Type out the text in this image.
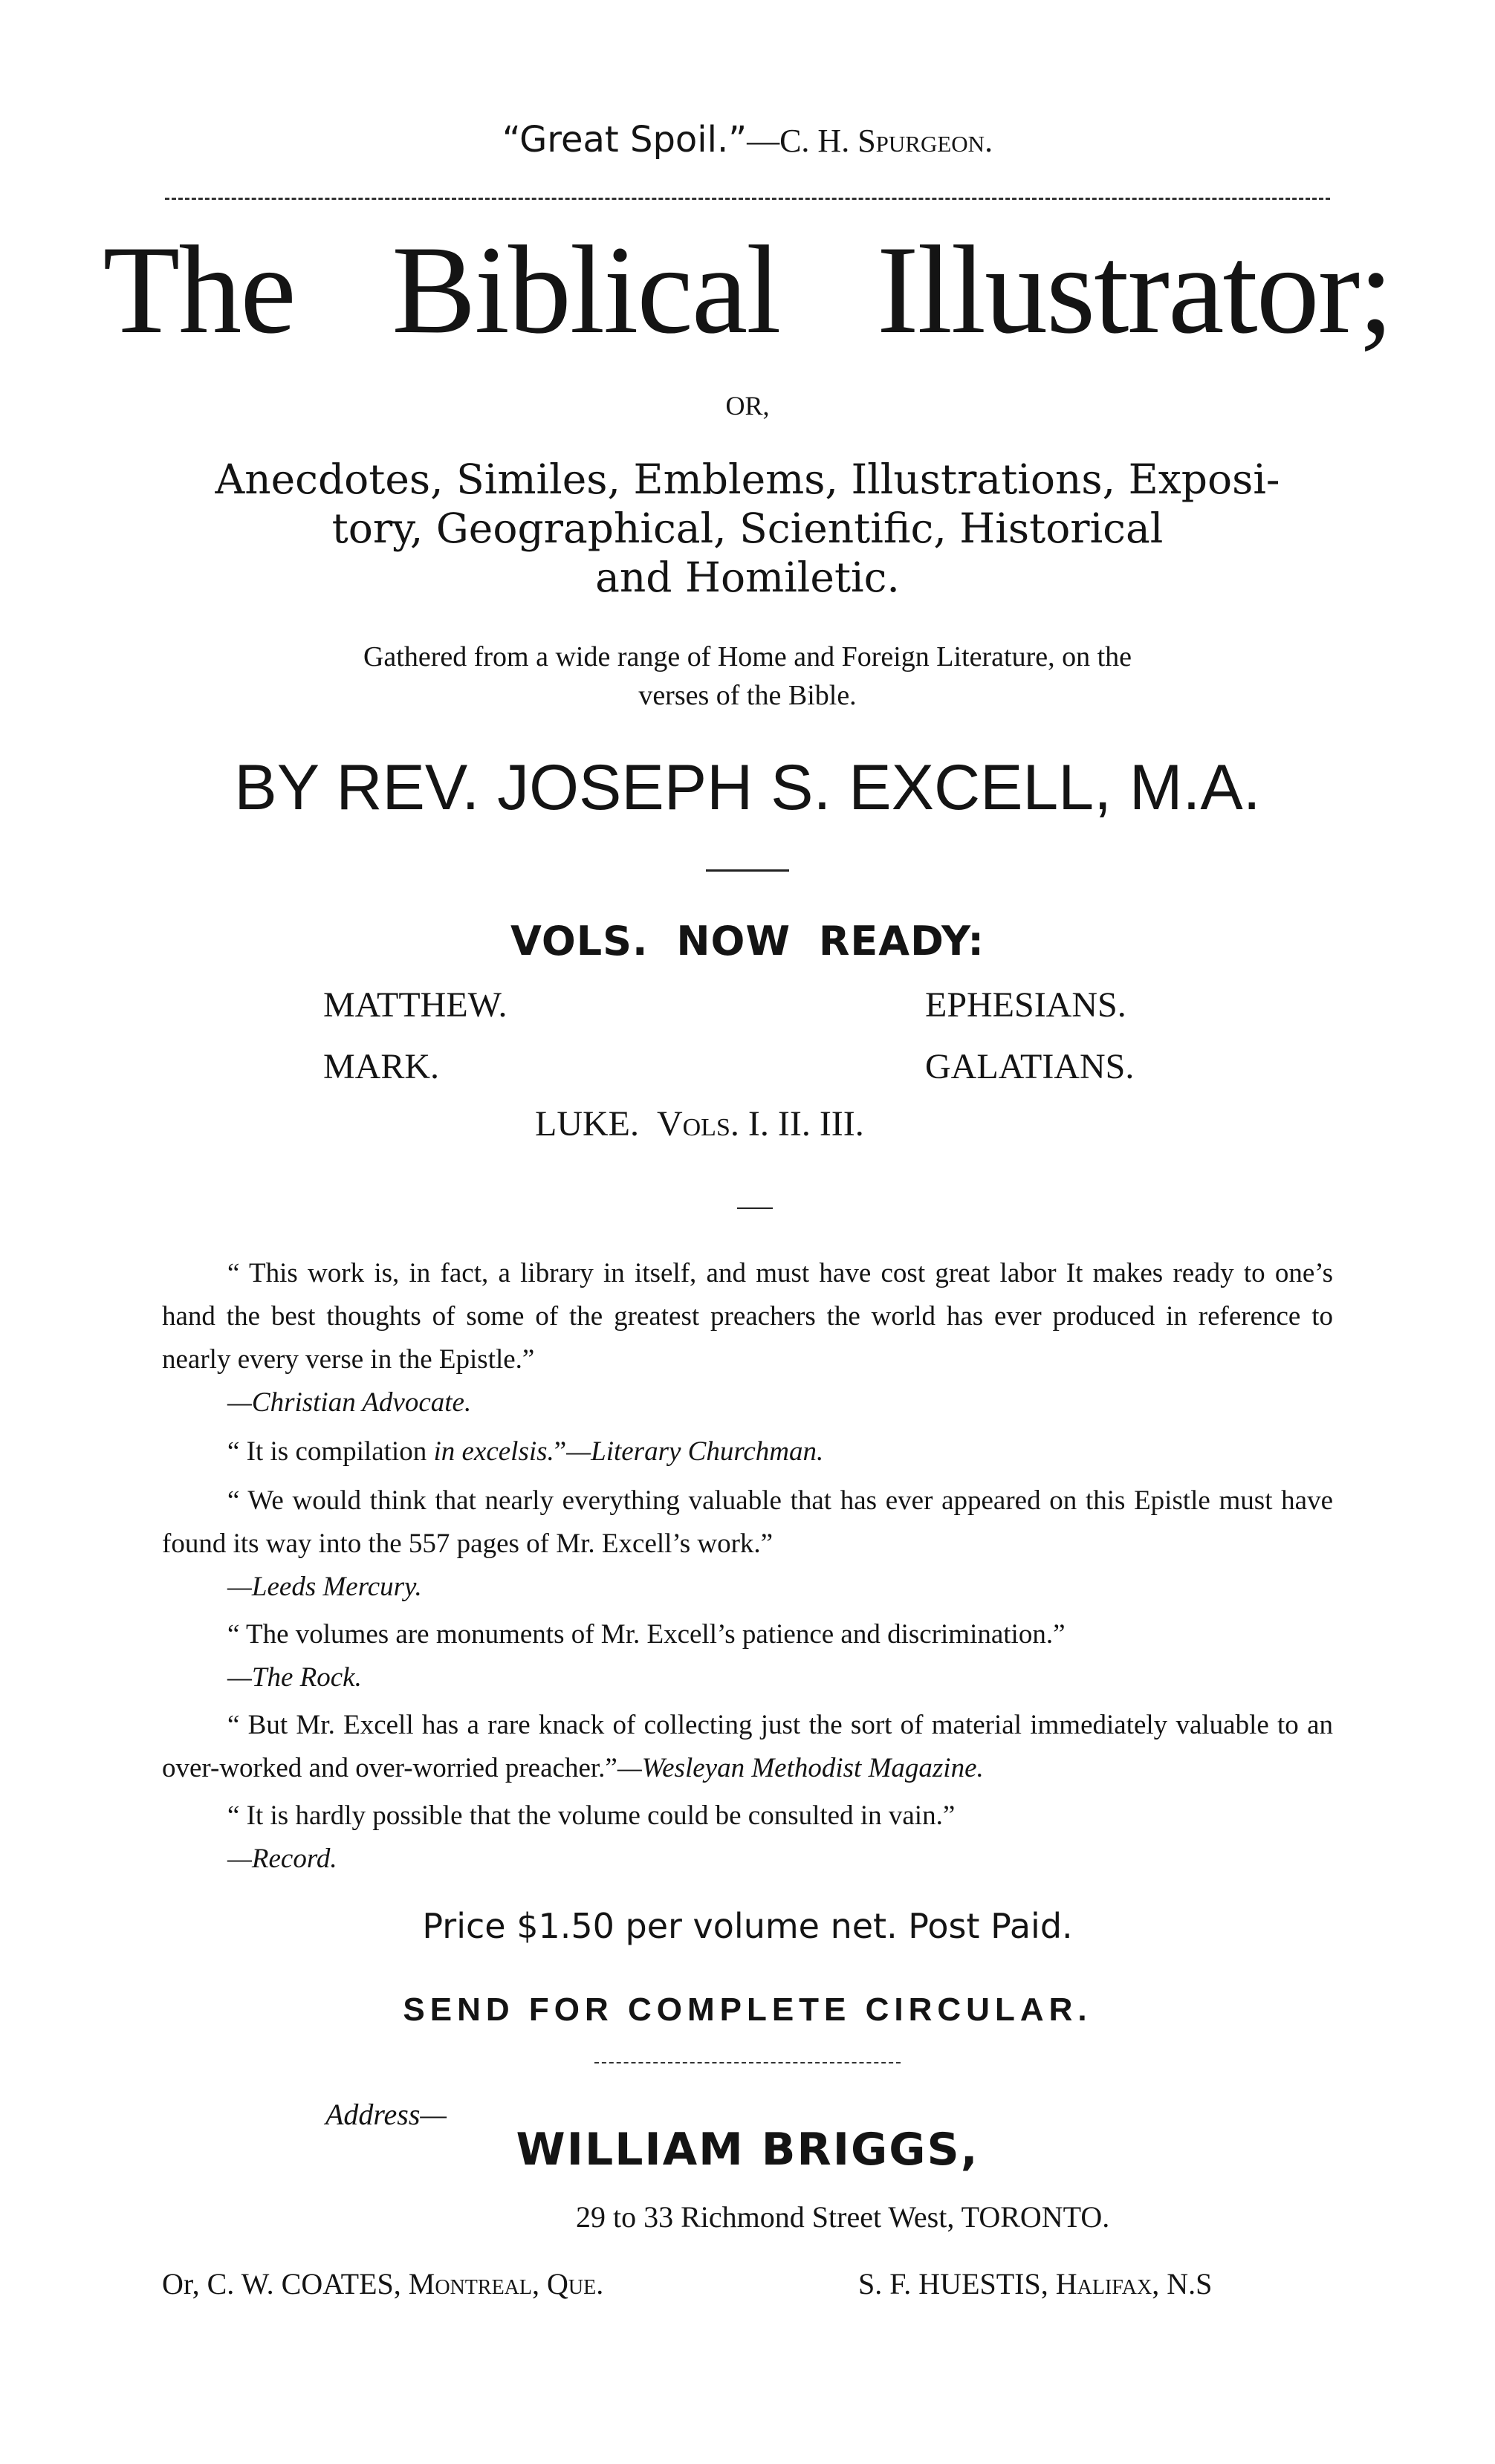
“Great Spoil.”—C. H. Spurgeon.
The Biblical Illustrator;
OR,
Anecdotes, Similes, Emblems, Illustrations, Exposi-
tory, Geographical, Scientific, Historical
and Homiletic.
Gathered from a wide range of Home and Foreign Literature, on the
verses of the Bible.
BY REV. JOSEPH S. EXCELL, M.A.
VOLS. NOW READY:
MATTHEW.
MARK.
EPHESIANS.
GALATIANS.
LUKE. Vols. I. II. III.

“ This work is, in fact, a library in itself, and must have cost great labor It makes ready to one’s hand the best thoughts of some of the greatest preachers the world has ever produced in reference to nearly every verse in the Epistle.”
—Christian Advocate.

“ It is compilation in excelsis.”—Literary Churchman.

“ We would think that nearly everything valuable that has ever appeared on this Epistle must have found its way into the 557 pages of Mr. Excell’s work.”
—Leeds Mercury.

“ The volumes are monuments of Mr. Excell’s patience and discrimination.”
—The Rock.

“ But Mr. Excell has a rare knack of collecting just the sort of material immediately valuable to an over-worked and over-worried preacher.”—Wesleyan Methodist Magazine.

“ It is hardly possible that the volume could be consulted in vain.”
—Record.

Price $1.50 per volume net. Post Paid.
SEND FOR COMPLETE CIRCULAR.
Address—
WILLIAM BRIGGS,
29 to 33 Richmond Street West, TORONTO.
Or, C. W. COATES, Montreal, Que.	S. F. HUESTIS, Halifax, N.S
